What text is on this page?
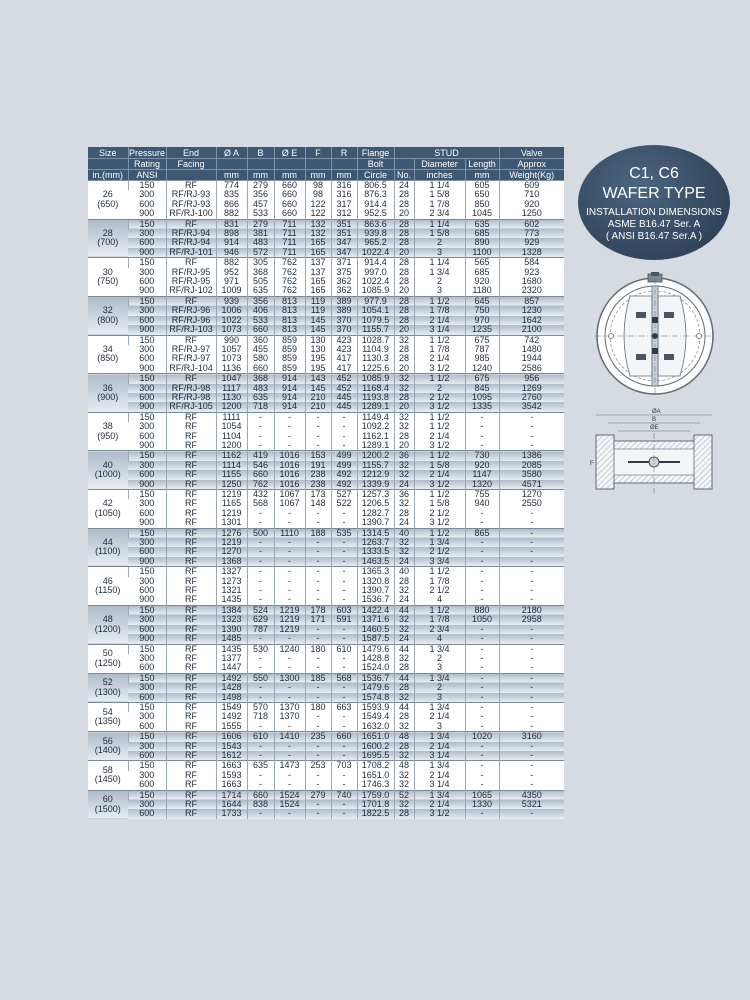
Size	Pressure	End	Ø A	B	Ø E	F	R	Flange	STUD			Valve
	Rating	Facing						Bolt		Diameter	Length	Approx
in.(mm)	ANSI		mm	mm	mm	mm	mm	Circle	No.	inches	mm	Weight(Kg)

26
(650)	150	RF	774	279	660	98	316	806.5	24	1 1/4	605	609
	300	RF/RJ-93	835	356	660	98	316	876.3	28	1 5/8	650	710
	600	RF/RJ-93	866	457	660	122	317	914.4	28	1 7/8	850	920
	900	RF/RJ-100	882	533	660	122	312	952.5	20	2 3/4	1045	1250

28
(700)	150	RF	831	279	711	132	351	863.6	28	1 1/4	635	602
	300	RF/RJ-94	898	381	711	132	351	939.8	28	1 5/8	685	773
	600	RF/RJ-94	914	483	711	165	347	965.2	28	2	890	929
	900	RF/RJ-101	946	572	711	165	347	1022.4	20	3	1100	1328

30
(750)	150	RF	882	305	762	137	371	914.4	28	1 1/4	565	584
	300	RF/RJ-95	952	368	762	137	375	997.0	28	1 3/4	685	923
	600	RF/RJ-95	971	505	762	165	362	1022.4	28	2	920	1680
	900	RF/RJ-102	1009	635	762	165	362	1085.9	20	3	1180	2320

32
(800)	150	RF	939	356	813	119	389	977.9	28	1 1/2	645	857
	300	RF/RJ-96	1006	406	813	119	389	1054.1	28	1 7/8	750	1230
	600	RF/RJ-96	1022	533	813	145	370	1079.5	28	2 1/4	970	1642
	900	RF/RJ-103	1073	660	813	145	370	1155.7	20	3 1/4	1235	2100

34
(850)	150	RF	990	360	859	130	423	1028.7	32	1 1/2	675	742
	300	RF/RJ-97	1057	455	859	130	423	1104.9	28	1 7/8	787	1480
	600	RF/RJ-97	1073	580	859	195	417	1130.3	28	2 1/4	985	1944
	900	RF/RJ-104	1136	660	859	195	417	1225.6	20	3 1/2	1240	2586

36
(900)	150	RF	1047	368	914	143	452	1085.9	32	1 1/2	675	956
	300	RF/RJ-98	1117	483	914	145	452	1168.4	32	2	845	1269
	600	RF/RJ-98	1130	635	914	210	445	1193.8	28	2 1/2	1095	2760
	900	RF/RJ-105	1200	718	914	210	445	1289.1	20	3 1/2	1335	3542

38
(950)	150	RF	1111	-	-	-	-	1149.4	32	1 1/2	-	-
	300	RF	1054	-	-	-	-	1092.2	32	1 1/2	-	-
	600	RF	1104	-	-	-	-	1162.1	28	2 1/4	-	-
	900	RF	1200	-	-	-	-	1289.1	20	3 1/2	-	-

40
(1000)	150	RF	1162	419	1016	153	499	1200.2	36	1 1/2	730	1386
	300	RF	1114	546	1016	191	499	1155.7	32	1 5/8	920	2085
	600	RF	1155	660	1016	238	492	1212.9	32	2 1/4	1147	3580
	900	RF	1250	762	1016	238	492	1339.9	24	3 1/2	1320	4571

42
(1050)	150	RF	1219	432	1067	173	527	1257.3	36	1 1/2	755	1270
	300	RF	1165	568	1067	148	522	1206.5	32	1 5/8	940	2550
	600	RF	1219	-	-	-	-	1282.7	28	2 1/2	-	-
	900	RF	1301	-	-	-	-	1390.7	24	3 1/2	-	-

44
(1100)	150	RF	1276	500	1110	188	535	1314.5	40	1 1/2	865	-
	300	RF	1219	-	-	-	-	1263.7	32	1 3/4	-	-
	600	RF	1270	-	-	-	-	1333.5	32	2 1/2	-	-
	900	RF	1368	-	-	-	-	1463.5	24	3 3/4	-	-

46
(1150)	150	RF	1327	-	-	-	-	1365.3	40	1 1/2	-	-
	300	RF	1273	-	-	-	-	1320.8	28	1 7/8	-	-
	600	RF	1321	-	-	-	-	1390.7	32	2 1/2	-	-
	900	RF	1435	-	-	-	-	1536.7	24	4	-	-

48
(1200)	150	RF	1384	524	1219	178	603	1422.4	44	1 1/2	880	2180
	300	RF	1323	629	1219	171	591	1371.6	32	1 7/8	1050	2958
	600	RF	1390	787	1219	-	-	1460.5	32	2 3/4	-	-
	900	RF	1485	-	-	-	-	1587.5	24	4	-	-

50
(1250)	150	RF	1435	530	1240	180	610	1479.6	44	1 3/4	-	-
	300	RF	1377	-	-	-	-	1428.8	32	2	-	-
	600	RF	1447	-	-	-	-	1524.0	28	3	-	-

52
(1300)	150	RF	1492	550	1300	185	568	1536.7	44	1 3/4	-	-
	300	RF	1428	-	-	-	-	1479.6	28	2	-	-
	600	RF	1498	-	-	-	-	1574.8	32	3	-	-

54
(1350)	150	RF	1549	570	1370	180	663	1593.9	44	1 3/4	-	-
	300	RF	1492	718	1370	-	-	1549.4	28	2 1/4	-	-
	600	RF	1555	-	-	-	-	1632.0	32	3	-	-

56
(1400)	150	RF	1606	610	1410	235	660	1651.0	48	1 3/4	1020	3160
	300	RF	1543	-	-	-	-	1600.2	28	2 1/4	-	-
	600	RF	1612	-	-	-	-	1695.5	32	3 1/4	-	-

58
(1450)	150	RF	1663	635	1473	253	703	1708.2	48	1 3/4	-	-
	300	RF	1593	-	-	-	-	1651.0	32	2 1/4	-	-
	600	RF	1663	-	-	-	-	1746.3	32	3 1/4	-	-

60
(1500)	150	RF	1714	660	1524	279	740	1759.0	52	1 3/4	1065	4350
	300	RF	1644	838	1524	-	-	1701.8	32	2 1/4	1330	5321
	600	RF	1733	-	-	-	-	1822.5	28	3 1/2	-	-
C1, C6
WAFER TYPE
INSTALLATION DIMENSIONS
ASME B16.47 Ser. A
( ANSI B16.47 Ser.A )
ØA
B
ØE
F
